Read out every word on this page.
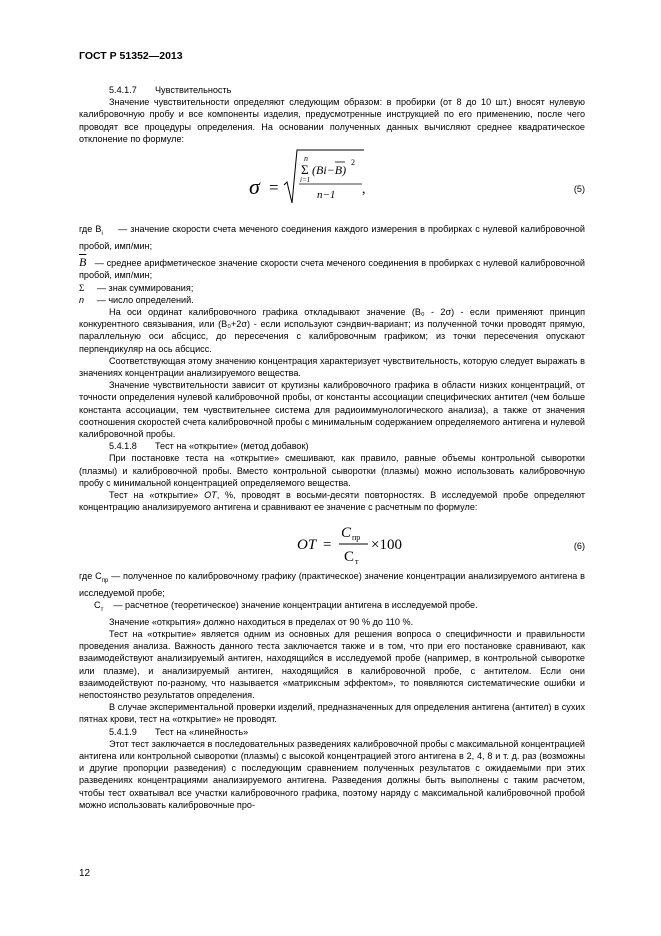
ГОСТ Р 51352—2013

5.4.1.7 Чувствительность

Значение чувствительности определяют следующим образом: в пробирки (от 8 до 10 шт.) вносят нулевую калибровочную пробу и все компоненты изделия, предусмотренные инструкцией по его применению, после чего проводят все процедуры определения. На основании полученных данных вычисляют среднее квадратическое отклонение по формуле:

σ =
n
Σ
i=1
(Bi−B)
2
n−1 ,	(5)

где $B_i$ — значение скорости счета меченого соединения каждого измерения в пробирках с нулевой калибровочной пробой, имп/мин;

$\overline{B}$ — среднее арифметическое значение скорости счета меченого соединения в пробирках с нулевой калибровочной пробой, имп/мин;

Σ — знак суммирования;

n — число определений.

На оси ординат калибровочного графика откладывают значение (B₀ - 2σ) - если применяют принцип конкурентного связывания, или (B₀+2σ) - если используют сэндвич-вариант; из полученной точки проводят прямую, параллельную оси абсцисс, до пересечения с калибровочным графиком; из точки пересечения опускают перпендикуляр на ось абсцисс.

Соответствующая этому значению концентрация характеризует чувствительность, которую следует выражать в значениях концентрации анализируемого вещества.

Значение чувствительности зависит от крутизны калибровочного графика в области низких концентраций, от точности определения нулевой калибровочной пробы, от константы ассоциации специфических антител (чем больше константа ассоциации, тем чувствительнее система для радиоиммунологического анализа), а также от значения соотношения скоростей счета калибровочной пробы с минимальным содержанием определяемого антигена и нулевой калибровочной пробы.

5.4.1.8 Тест на «открытие» (метод добавок)

При постановке теста на «открытие» смешивают, как правило, равные объемы контрольной сыворотки (плазмы) и калибровочной пробы. Вместо контрольной сыворотки (плазмы) можно использовать калибровочную пробу с минимальной концентрацией определяемого вещества.

Тест на «открытие» ОТ, %, проводят в восьми-десяти повторностях. В исследуемой пробе определяют концентрацию анализируемого антигена и сравнивают ее значение с расчетным по формуле:

OT =
C пр
C т
×100	(6)

где $C_{пр}$ — полученное по калибровочному графику (практическое) значение концентрации анализируемого антигена в исследуемой пробе;

$C_т$ — расчетное (теоретическое) значение концентрации антигена в исследуемой пробе.

Значение «открытия» должно находиться в пределах от 90 % до 110 %.

Тест на «открытие» является одним из основных для решения вопроса о специфичности и правильности проведения анализа. Важность данного теста заключается также и в том, что при его постановке сравнивают, как взаимодействуют анализируемый антиген, находящийся в исследуемой пробе (например, в контрольной сыворотке или плазме), и анализируемый антиген, находящийся в калибровочной пробе, с антителом. Если они взаимодействуют по-разному, что называется «матриксным эффектом», то появляются систематические ошибки и непостоянство результатов определения.

В случае экспериментальной проверки изделий, предназначенных для определения антигена (антител) в сухих пятнах крови, тест на «открытие» не проводят.

5.4.1.9 Тест на «линейность»

Этот тест заключается в последовательных разведениях калибровочной пробы с максимальной концентрацией антигена или контрольной сыворотки (плазмы) с высокой концентрацией этого антигена в 2, 4, 8 и т. д. раз (возможны и другие пропорции разведения) с последующим сравнением полученных результатов с ожидаемыми при этих разведениях концентрациями анализируемого антигена. Разведения должны быть выполнены с таким расчетом, чтобы тест охватывал все участки калибровочного графика, поэтому наряду с максимальной калибровочной пробой можно использовать калибровочные про-

12
